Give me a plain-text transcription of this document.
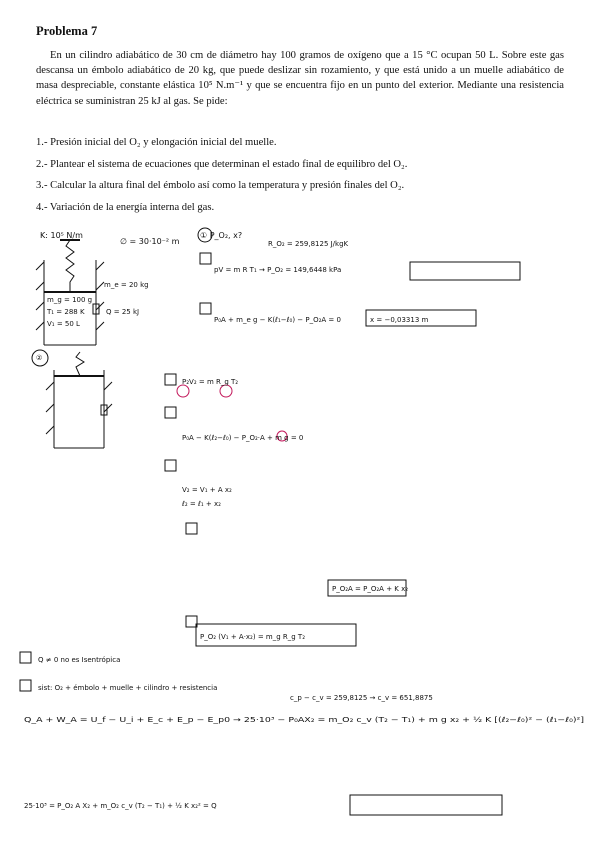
Problema 7

En un cilindro adiabático de 30 cm de diámetro hay 100 gramos de oxígeno que a 15 °C ocupan 50 L. Sobre este gas descansa un émbolo adiabático de 20 kg, que puede deslizar sin rozamiento, y que está unido a un muelle adiabático de masa despreciable, constante elástica 10⁵ N.m⁻¹ y que se encuentra fijo en un punto del exterior. Mediante una resistencia eléctrica se suministran 25 kJ al gas. Se pide:

1.- Presión inicial del O₂ y elongación inicial del muelle.
2.- Plantear el sistema de ecuaciones que determinan el estado final de equilibro del O₂.
3.- Calcular la altura final del émbolo así como la temperatura y presión finales del O₂.
4.- Variación de la energía interna del gas.
K: 10⁵ N/m
∅ = 30·10⁻² m
① P_O₂, x?
R_O₂ = 259,8125 J/kgK
pV = m R T₁ → P_O₂ = 149,6448 kPa
m_e = 20 kg
m_g = 100 g
T₁ = 288 K
V₁ = 50 L
Q = 25 kJ
P₀A + m_e g − K(ℓ₁−ℓ₀) − P_O₂A = 0	x = −0,03313 m
②
P₂V₂ = m R_g T₂
P₀A − K(ℓ₂−ℓ₀) − P_O₂·A + m g = 0
V₂ = V₁ + A x₂
ℓ₂ = ℓ₁ + x₂
P_O₂A = P_O₂A + K x₂
P_O₂ (V₁ + A·x₂) = m_g R_g T₂
Q ≠ 0 no es Isentrópica
sist: O₂ + émbolo + muelle + cilindro + resistencia
c_p − c_v = 259,8125 → c_v = 651,8875
Q_A + W_A = U_f − U_i + E_c + E_p − E_p0 → 25·10³ − P₀AX₂ = m_O₂ c_v (T₂ − T₁) + m g x₂ + ½ K [(ℓ₂−ℓ₀)² − (ℓ₁−ℓ₀)²]
25·10³ = P_O₂ A X₂ + m_O₂ c_v (T₂ − T₁) + ½ K x₂² = Q
